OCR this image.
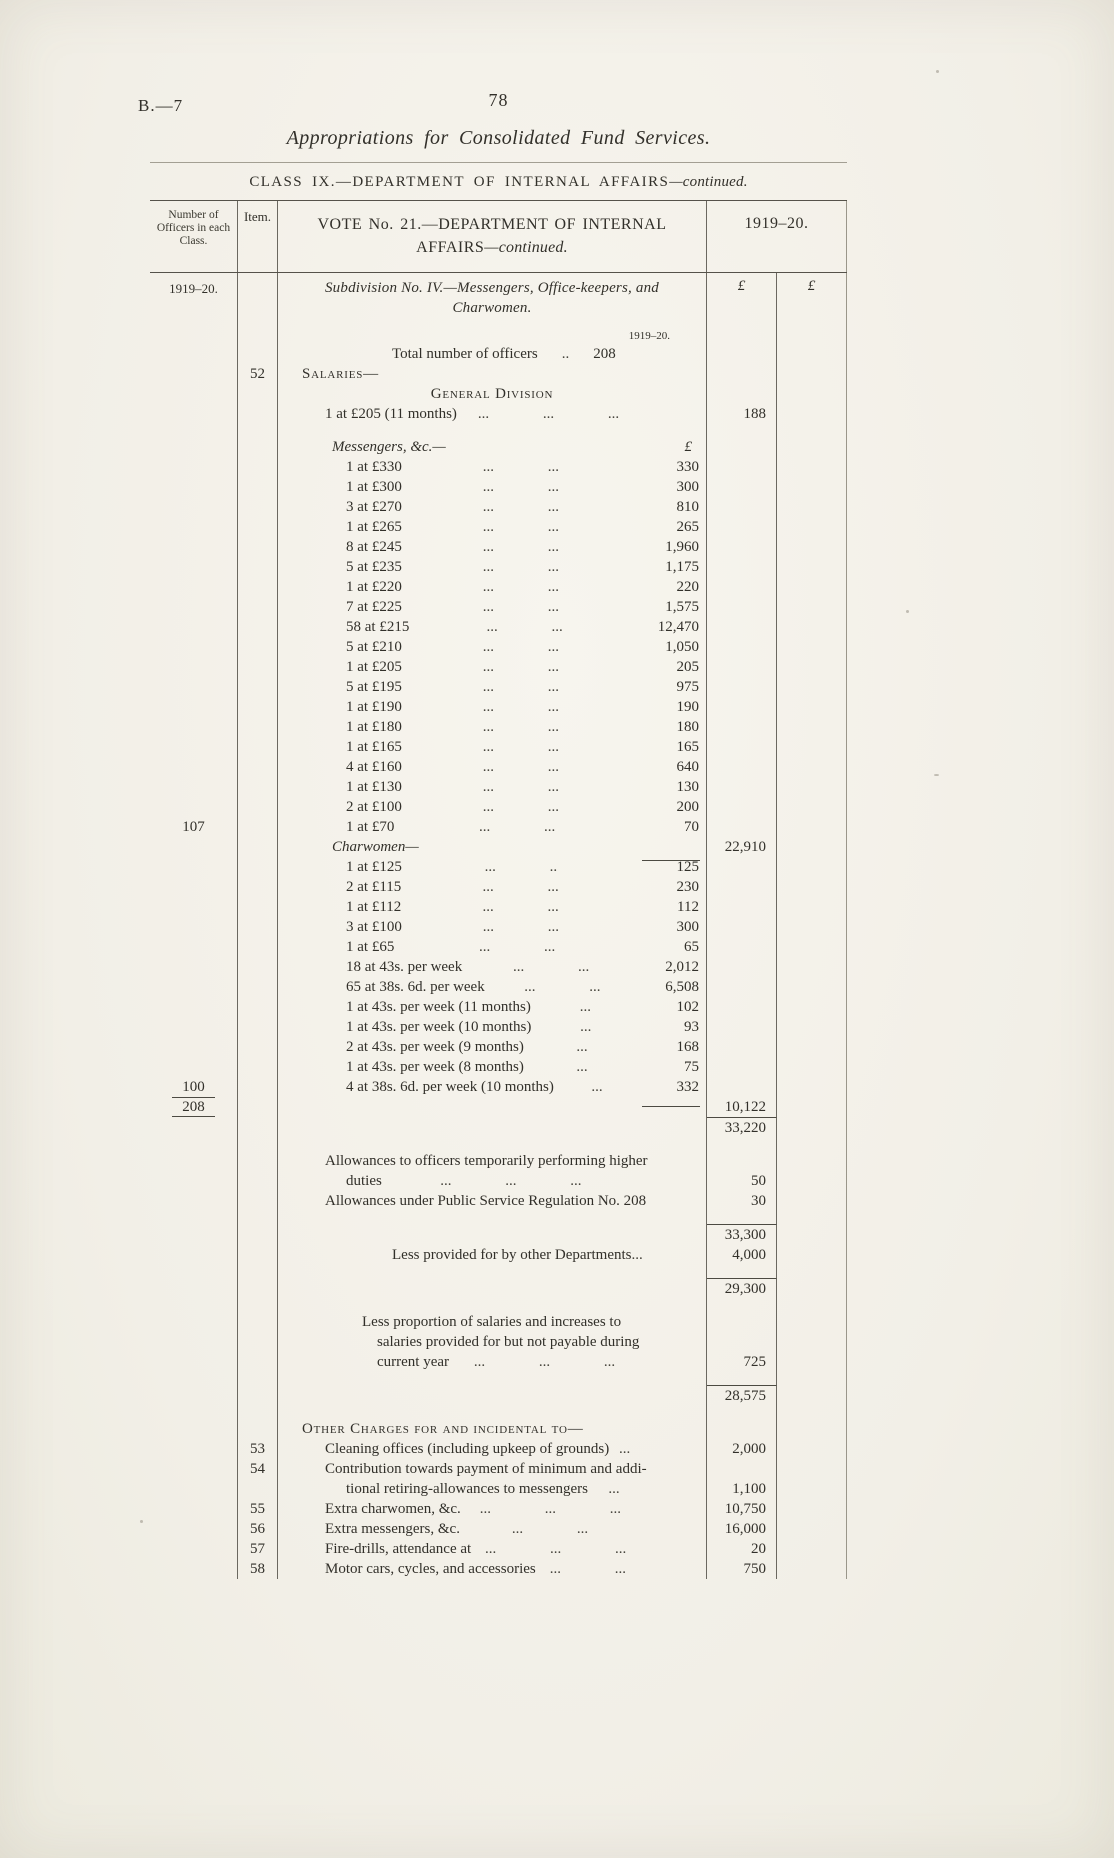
B.—7	78
Appropriations for Consolidated Fund Services.
CLASS IX.—DEPARTMENT OF INTERNAL AFFAIRS—continued.
Number of Officers in each Class.
Item.	VOTE No. 21.—DEPARTMENT OF INTERNAL
AFFAIRS—continued.
1919–20.
1919–20.	Subdivision No. IV.—Messengers, Office-keepers, and
Charwomen.
£	£
1919–20.
Total number of officers	..	208
52	Salaries—
General Division
1 at £205 (11 months)	... ... ...	188
Messengers, &c.—	£
1 at £330	... ...	330
1 at £300	... ...	300
3 at £270	... ...	810
1 at £265	... ...	265
8 at £245	... ...	1,960
5 at £235	... ...	1,175
1 at £220	... ...	220
7 at £225	... ...	1,575
58 at £215	... ...	12,470
5 at £210	... ...	1,050
1 at £205	... ...	205
5 at £195	... ...	975
1 at £190	... ...	190
1 at £180	... ...	180
1 at £165	... ...	165
4 at £160	... ...	640
1 at £130	... ...	130
2 at £100	... ...	200
107	1 at £70	... ...	70
Charwomen—	22,910
1 at £125	... ..	125
2 at £115	... ...	230
1 at £112	... ...	112
3 at £100	... ...	300
1 at £65	... ...	65
18 at 43s. per week	... ...	2,012
65 at 38s. 6d. per week	... ...	6,508
1 at 43s. per week (11 months)	...	102
1 at 43s. per week (10 months)	...	93
2 at 43s. per week (9 months)	...	168
1 at 43s. per week (8 months)	...	75
100	4 at 38s. 6d. per week (10 months)	...	332
208	10,122
33,220
Allowances to officers temporarily performing higher
duties	... ... ...	50
Allowances under Public Service Regulation No. 208	30
33,300
Less provided for by other Departments ...	4,000
29,300
Less proportion of salaries and increases to
salaries provided for but not payable during
current year	... ... ...	725
28,575
Other Charges for and incidental to—
53	Cleaning offices (including upkeep of grounds) ...	2,000
54	Contribution towards payment of minimum and addi-
tional retiring-allowances to messengers	...	1,100
55	Extra charwomen, &c.	... ... ...	10,750
56	Extra messengers, &c.	... ...	16,000
57	Fire-drills, attendance at ... ... ...	20
58	Motor cars, cycles, and accessories ... ...	750
